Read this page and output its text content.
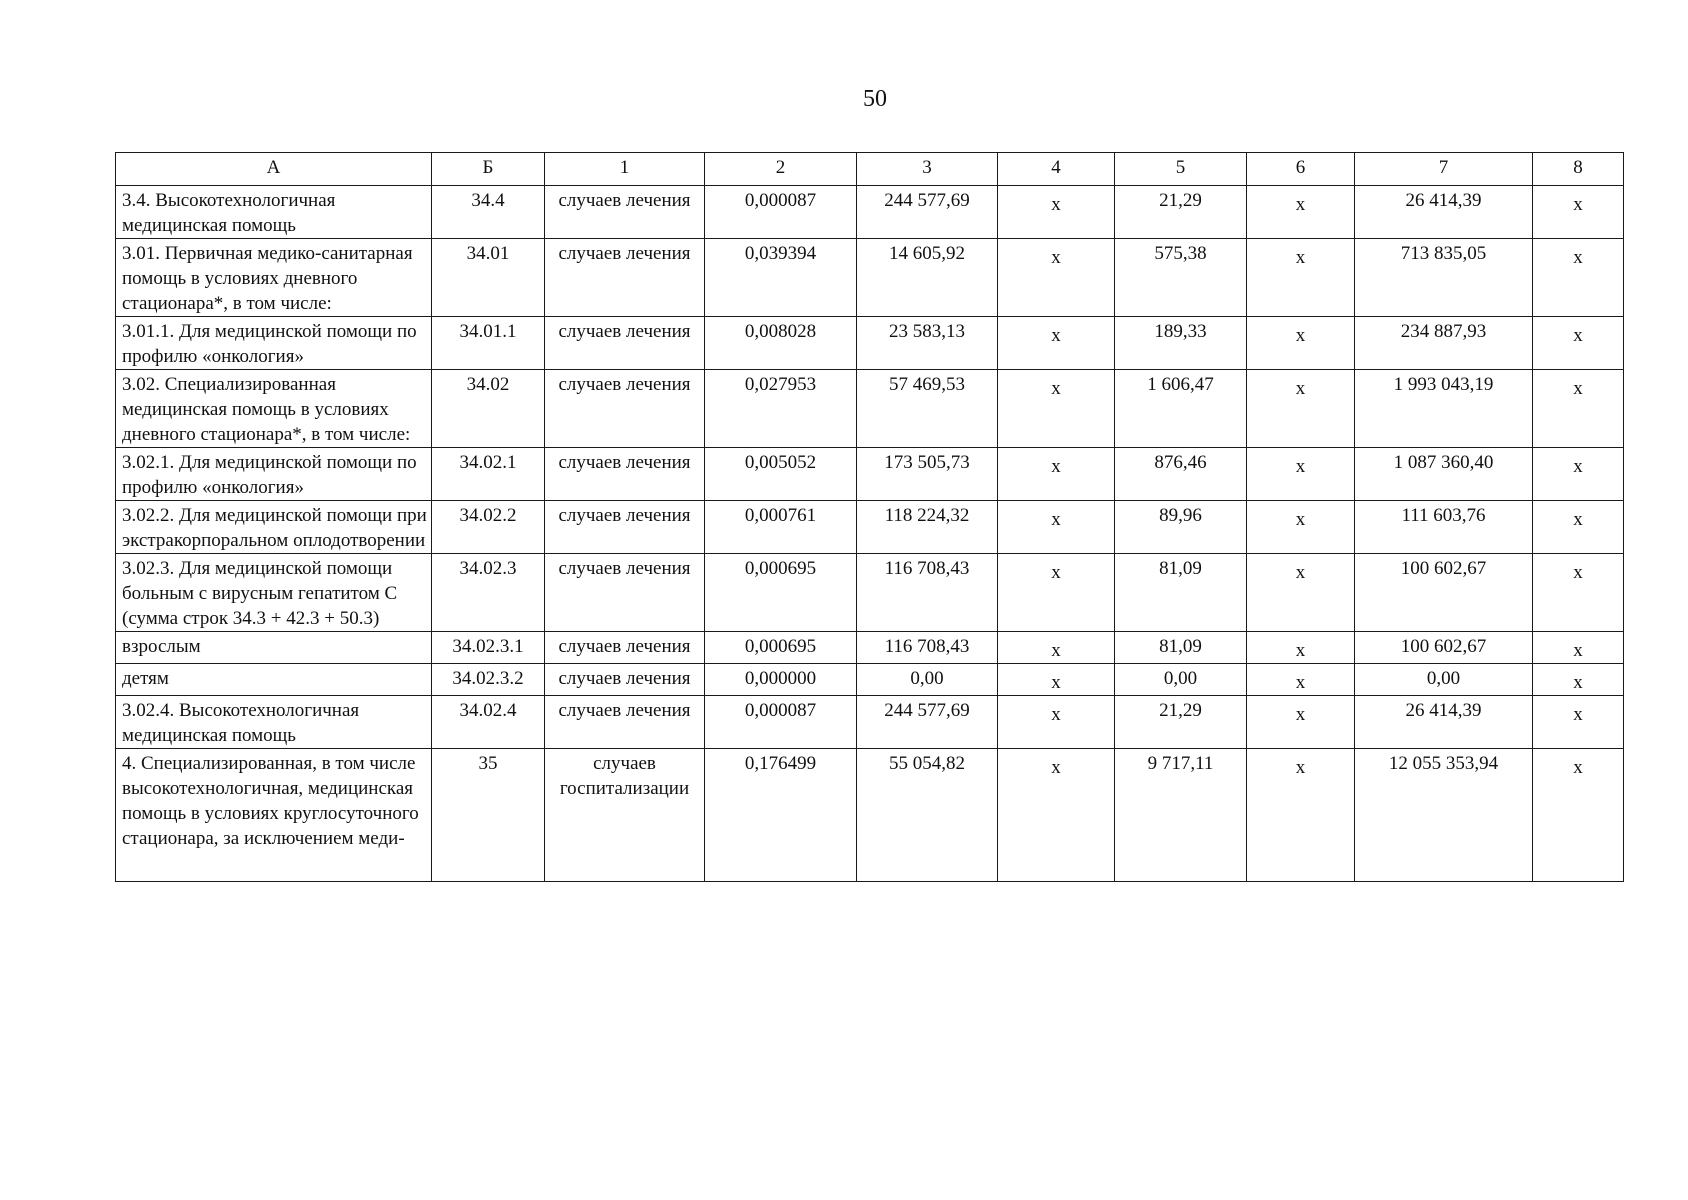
50
А	Б	1	2	3	4	5	6	7	8
3.4. Высокотехнологичная медицинская помощь	34.4	случаев лечения	0,000087	244 577,69	х	21,29	х	26 414,39	х
3.01. Первичная медико-санитарная помощь в условиях дневного стационара*, в том числе:	34.01	случаев лечения	0,039394	14 605,92	х	575,38	х	713 835,05	х
3.01.1. Для медицинской помощи по профилю «онкология»	34.01.1	случаев лечения	0,008028	23 583,13	х	189,33	х	234 887,93	х
3.02. Специализированная медицинская помощь в условиях дневного стационара*, в том числе:	34.02	случаев лечения	0,027953	57 469,53	х	1 606,47	х	1 993 043,19	х
3.02.1. Для медицинской помощи по профилю «онкология»	34.02.1	случаев лечения	0,005052	173 505,73	х	876,46	х	1 087 360,40	х
3.02.2. Для медицинской помощи при экстракорпоральном оплодотворении	34.02.2	случаев лечения	0,000761	118 224,32	х	89,96	х	111 603,76	х
3.02.3. Для медицинской помощи больным с вирусным гепатитом С (сумма строк 34.3 + 42.3 + 50.3)	34.02.3	случаев лечения	0,000695	116 708,43	х	81,09	х	100 602,67	х
взрослым	34.02.3.1	случаев лечения	0,000695	116 708,43	х	81,09	х	100 602,67	х
детям	34.02.3.2	случаев лечения	0,000000	0,00	х	0,00	х	0,00	х
3.02.4. Высокотехнологичная медицинская помощь	34.02.4	случаев лечения	0,000087	244 577,69	х	21,29	х	26 414,39	х
4. Специализированная, в том числе высокотехнологичная, медицинская помощь в условиях круглосуточного стационара, за исключением меди-	35	случаев госпитализации	0,176499	55 054,82	х	9 717,11	х	12 055 353,94	х
